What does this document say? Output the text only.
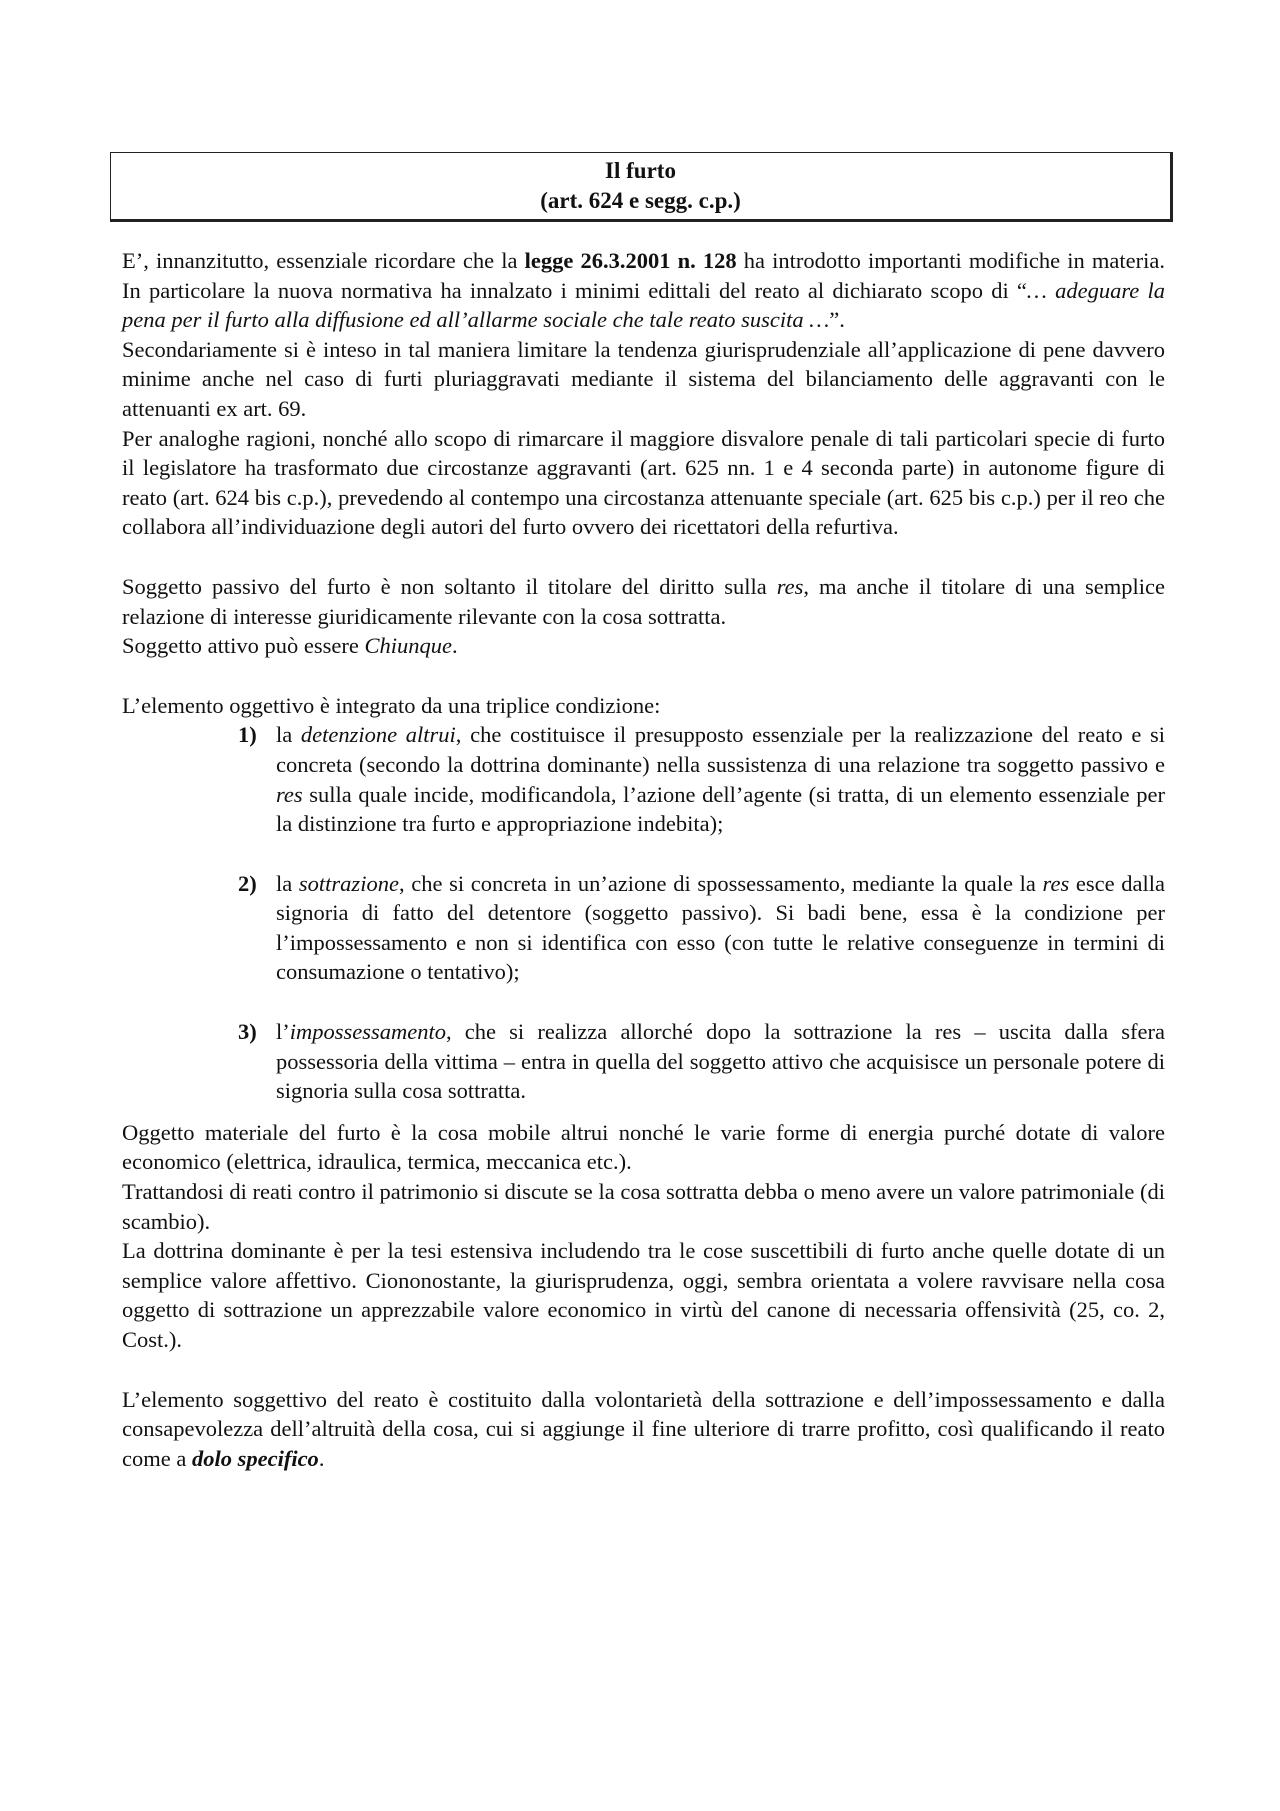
Il furto
(art. 624 e segg. c.p.)

E’, innanzitutto, essenziale ricordare che la legge 26.3.2001 n. 128 ha introdotto importanti modifiche in materia. In particolare la nuova normativa ha innalzato i minimi edittali del reato al dichiarato scopo di “… adeguare la pena per il furto alla diffusione ed all’allarme sociale che tale reato suscita …”.

Secondariamente si è inteso in tal maniera limitare la tendenza giurisprudenziale all’applicazione di pene davvero minime anche nel caso di furti pluriaggravati mediante il sistema del bilanciamento delle aggravanti con le attenuanti ex art. 69.

Per analoghe ragioni, nonché allo scopo di rimarcare il maggiore disvalore penale di tali particolari specie di furto il legislatore ha trasformato due circostanze aggravanti (art. 625 nn. 1 e 4 seconda parte) in autonome figure di reato (art. 624 bis c.p.), prevedendo al contempo una circostanza attenuante speciale (art. 625 bis c.p.) per il reo che collabora all’individuazione degli autori del furto ovvero dei ricettatori della refurtiva.

Soggetto passivo del furto è non soltanto il titolare del diritto sulla res, ma anche il titolare di una semplice relazione di interesse giuridicamente rilevante con la cosa sottratta.

Soggetto attivo può essere Chiunque.

L’elemento oggettivo è integrato da una triplice condizione:

1) la detenzione altrui, che costituisce il presupposto essenziale per la realizzazione del reato e si concreta (secondo la dottrina dominante) nella sussistenza di una relazione tra soggetto passivo e res sulla quale incide, modificandola, l’azione dell’agente (si tratta, di un elemento essenziale per la distinzione tra furto e appropriazione indebita);
2) la sottrazione, che si concreta in un’azione di spossessamento, mediante la quale la res esce dalla signoria di fatto del detentore (soggetto passivo). Si badi bene, essa è la condizione per l’impossessamento e non si identifica con esso (con tutte le relative conseguenze in termini di consumazione o tentativo);
3) l’impossessamento, che si realizza allorché dopo la sottrazione la res – uscita dalla sfera possessoria della vittima – entra in quella del soggetto attivo che acquisisce un personale potere di signoria sulla cosa sottratta.

Oggetto materiale del furto è la cosa mobile altrui nonché le varie forme di energia purché dotate di valore economico (elettrica, idraulica, termica, meccanica etc.).

Trattandosi di reati contro il patrimonio si discute se la cosa sottratta debba o meno avere un valore patrimoniale (di scambio).

La dottrina dominante è per la tesi estensiva includendo tra le cose suscettibili di furto anche quelle dotate di un semplice valore affettivo. Ciononostante, la giurisprudenza, oggi, sembra orientata a volere ravvisare nella cosa oggetto di sottrazione un apprezzabile valore economico in virtù del canone di necessaria offensività (25, co. 2, Cost.).

L’elemento soggettivo del reato è costituito dalla volontarietà della sottrazione e dell’impossessamento e dalla consapevolezza dell’altruità della cosa, cui si aggiunge il fine ulteriore di trarre profitto, così qualificando il reato come a dolo specifico.
